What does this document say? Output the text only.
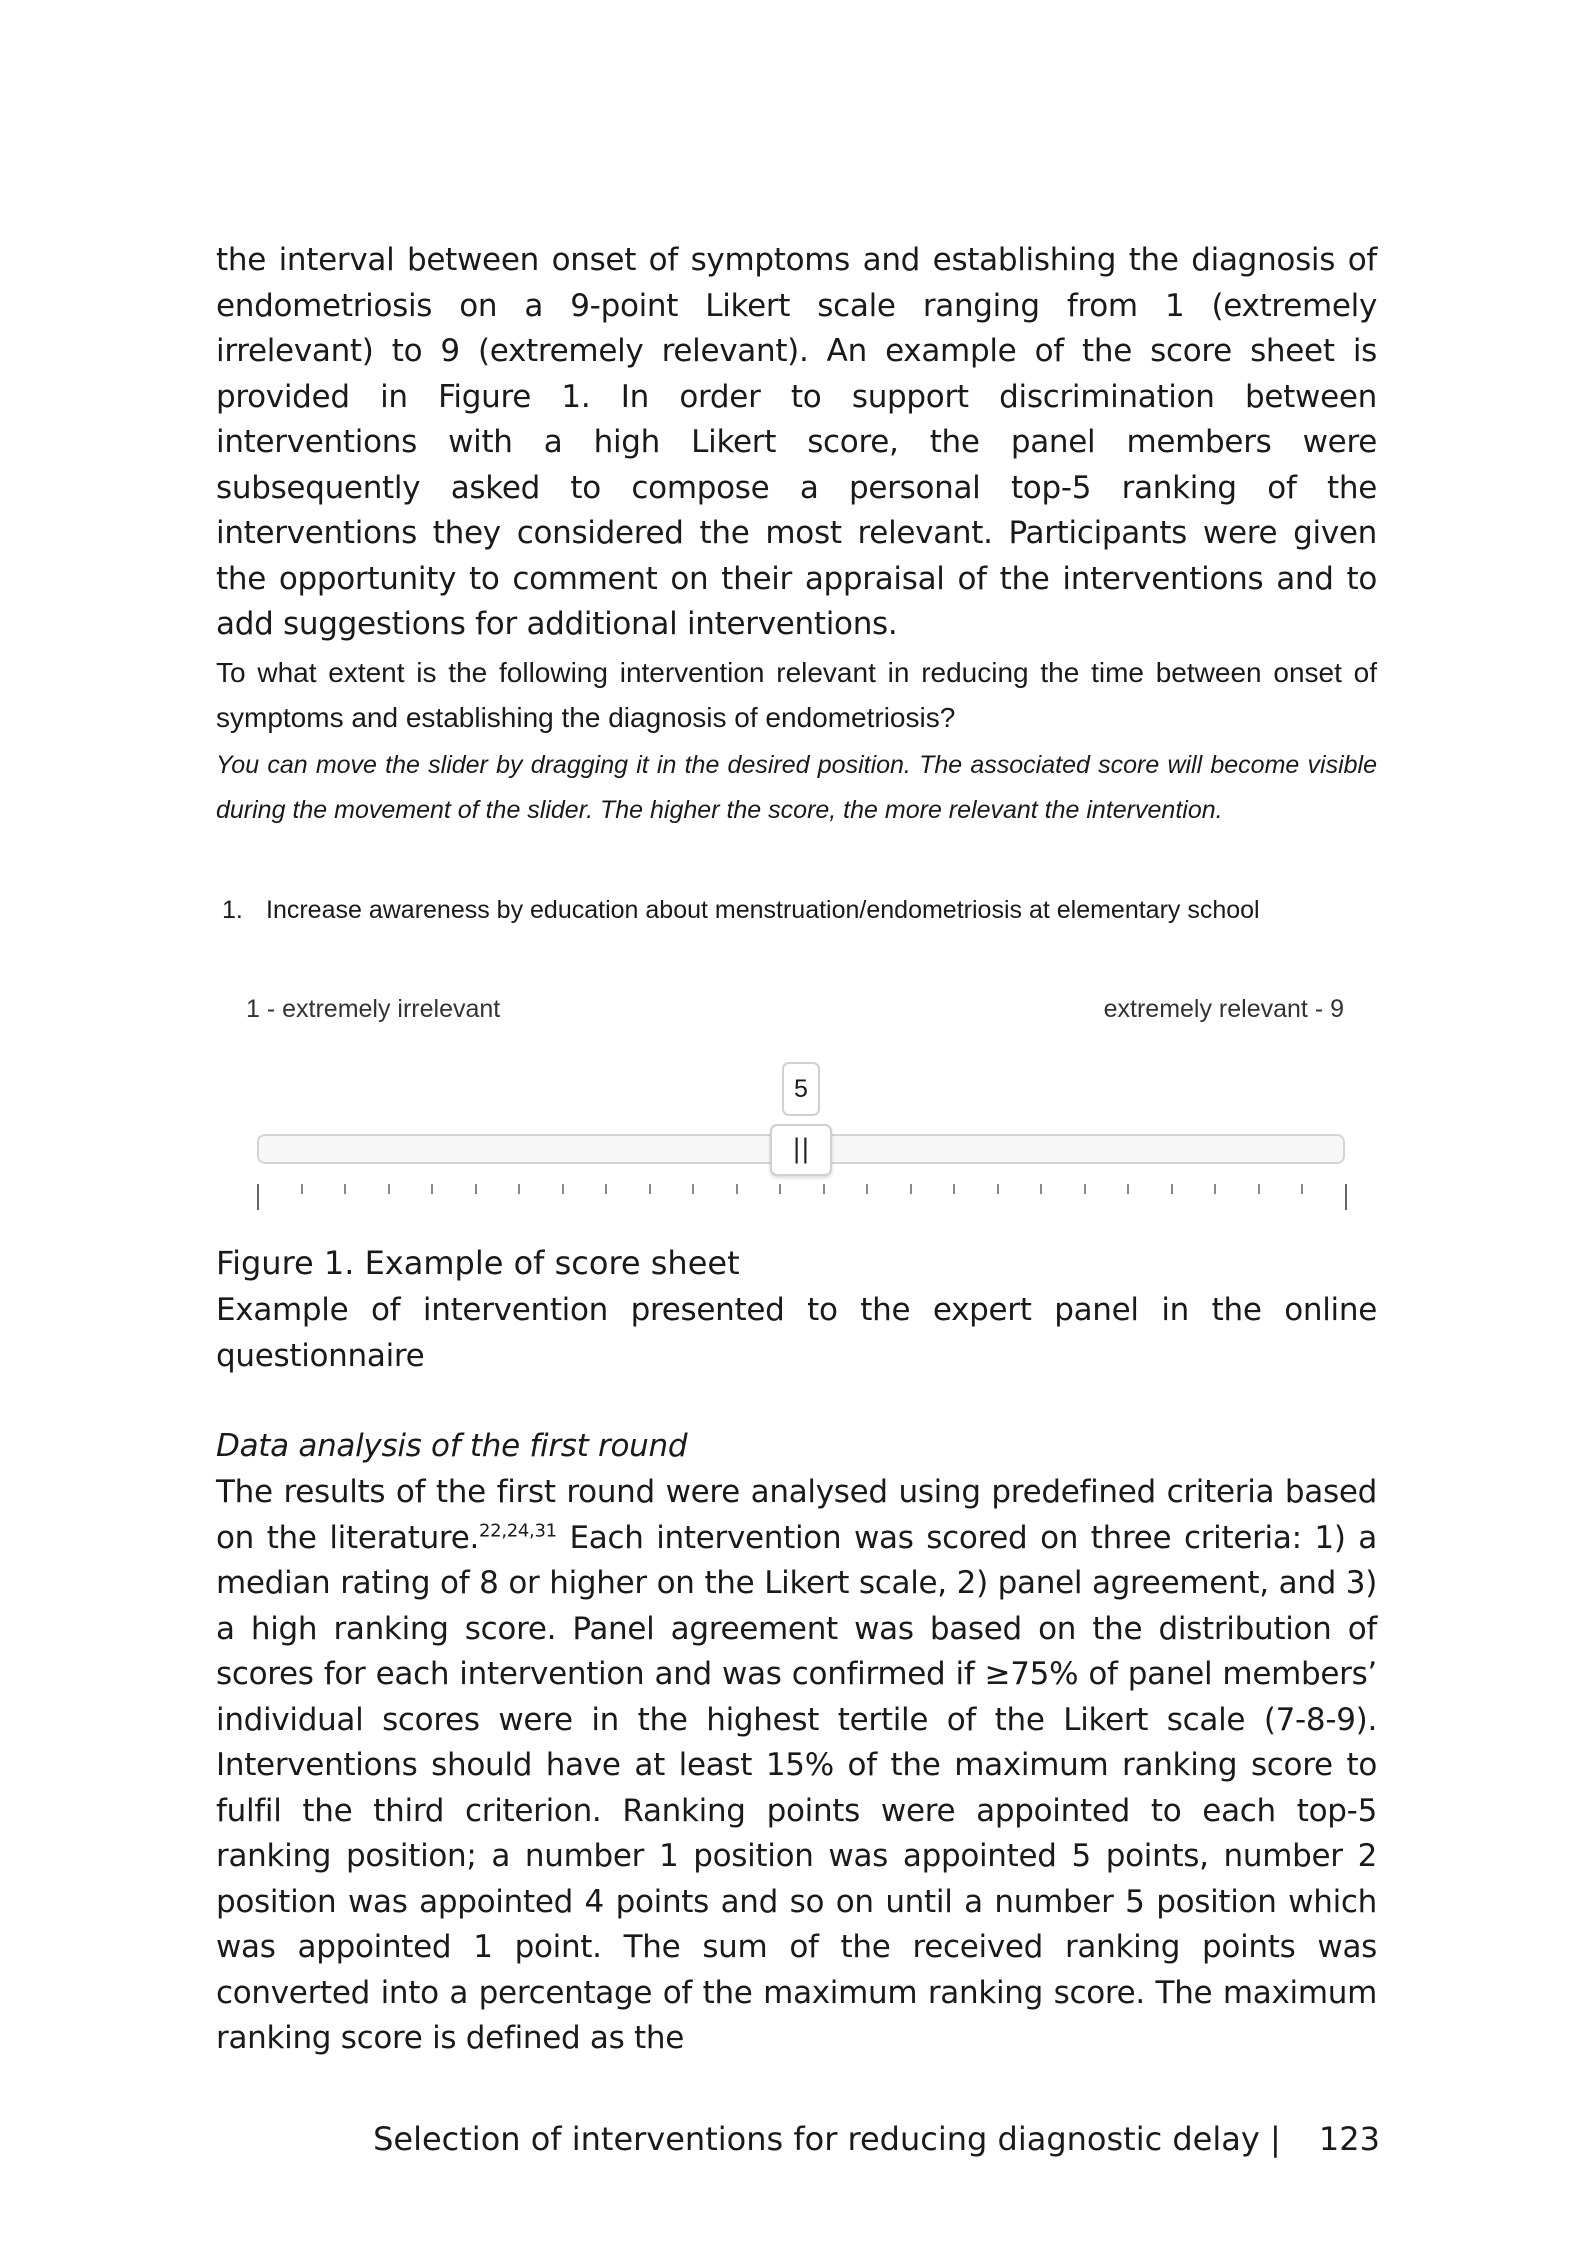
the interval between onset of symptoms and establishing the diagnosis of endometriosis on a 9-point Likert scale ranging from 1 (extremely irrelevant) to 9 (extremely relevant). An example of the score sheet is provided in Figure 1. In order to support discrimination between interventions with a high Likert score, the panel members were subsequently asked to compose a personal top-5 ranking of the interventions they considered the most relevant. Participants were given the opportunity to comment on their appraisal of the interventions and to add suggestions for additional interventions.
To what extent is the following intervention relevant in reducing the time between onset of symptoms and establishing the diagnosis of endometriosis?
You can move the slider by dragging it in the desired position. The associated score will become visible during the movement of the slider. The higher the score, the more relevant the intervention.
1. Increase awareness by education about menstruation/endometriosis at elementary school
1 - extremely irrelevant	extremely relevant - 9
5
||
Figure 1. Example of score sheet
Example of intervention presented to the expert panel in the online questionnaire
Data analysis of the first round
The results of the first round were analysed using predefined criteria based on the literature.$^{22,24,31}$ Each intervention was scored on three criteria: 1) a median rating of 8 or higher on the Likert scale, 2) panel agreement, and 3) a high ranking score. Panel agreement was based on the distribution of scores for each intervention and was confirmed if ≥75% of panel members’ individual scores were in the highest tertile of the Likert scale (7-8-9). Interventions should have at least 15% of the maximum ranking score to fulfil the third criterion. Ranking points were appointed to each top-5 ranking position; a number 1 position was appointed 5 points, number 2 position was appointed 4 points and so on until a number 5 position which was appointed 1 point. The sum of the received ranking points was converted into a percentage of the maximum ranking score. The maximum ranking score is defined as the
Selection of interventions for reducing diagnostic delay | 123
